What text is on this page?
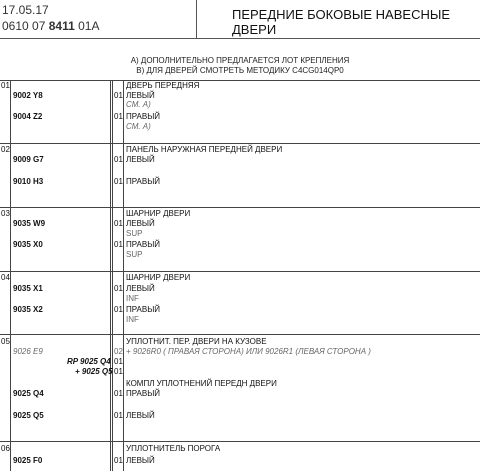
17.05.17
0610 07 8411 01A
ПЕРЕДНИЕ БОКОВЫЕ НАВЕСНЫЕ ДВЕРИ
А) ДОПОЛНИТЕЛЬНО ПРЕДЛАГАЕТСЯ ЛОТ КРЕПЛЕНИЯ
В) ДЛЯ ДВЕРЕЙ СМОТРЕТЬ МЕТОДИКУ C4CG014QP0
01	ДВЕРЬ ПЕРЕДНЯЯ
9002 Y8	01 ЛЕВЫЙ
СМ. А)
9004 Z2	01 ПРАВЫЙ
СМ. А)
02	ПАНЕЛЬ НАРУЖНАЯ ПЕРЕДНЕЙ ДВЕРИ
9009 G7	01 ЛЕВЫЙ
9010 H3	01 ПРАВЫЙ
03	ШАРНИР ДВЕРИ
9035 W9	01 ЛЕВЫЙ
SUP
9035 X0	01 ПРАВЫЙ
SUP
04	ШАРНИР ДВЕРИ
9035 X1	01 ЛЕВЫЙ
INF
9035 X2	01 ПРАВЫЙ
INF
05	УПЛОТНИТ. ПЕР. ДВЕРИ НА КУЗОВЕ
9026 E9	02 + 9026R0 ( ПРАВАЯ СТОРОНА) ИЛИ 9026R1 (ЛЕВАЯ СТОРОНА )
RP 9025 Q4 01
+ 9025 Q5 01
КОМПЛ УПЛОТНЕНИЙ ПЕРЕДН ДВЕРИ
9025 Q4	01 ПРАВЫЙ
9025 Q5	01 ЛЕВЫЙ
06	УПЛОТНИТЕЛЬ ПОРОГА
9025 F0	01 ЛЕВЫЙ
